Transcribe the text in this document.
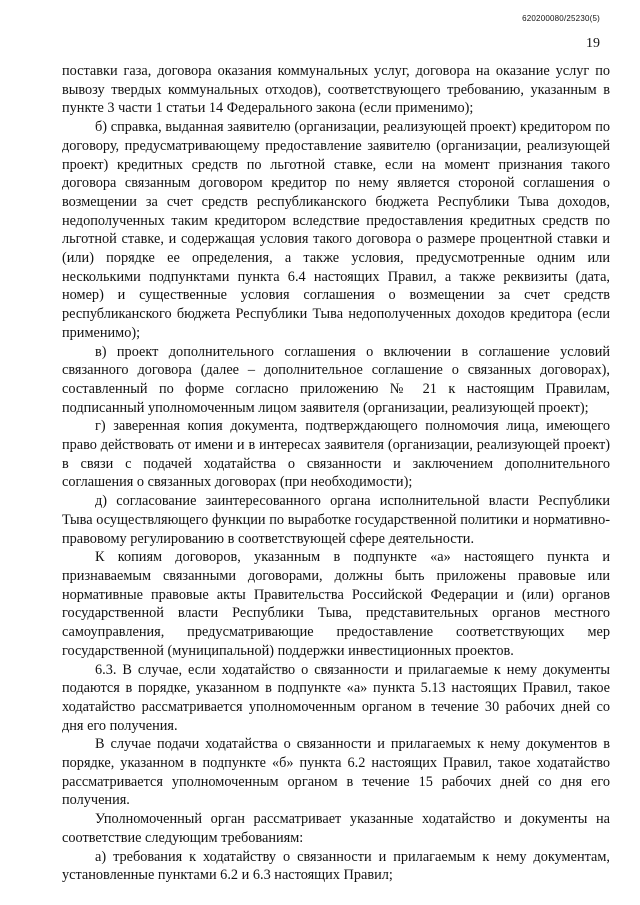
620200080/25230(5)
19

поставки газа, договора оказания коммунальных услуг, договора на оказание услуг по вывозу твердых коммунальных отходов), соответствующего требованию, указанным в пункте 3 части 1 статьи 14 Федерального закона (если применимо);

б) справка, выданная заявителю (организации, реализующей проект) кредитором по договору, предусматривающему предоставление заявителю (организации, реализующей проект) кредитных средств по льготной ставке, если на момент признания такого договора связанным договором кредитор по нему является стороной соглашения о возмещении за счет средств республиканского бюджета Республики Тыва доходов, недополученных таким кредитором вследствие предоставления кредитных средств по льготной ставке, и содержащая условия такого договора о размере процентной ставки и (или) порядке ее определения, а также условия, предусмотренные одним или несколькими подпунктами пункта 6.4 настоящих Правил, а также реквизиты (дата, номер) и существенные условия соглашения о возмещении за счет средств республиканского бюджета Республики Тыва недополученных доходов кредитора (если применимо);

в) проект дополнительного соглашения о включении в соглашение условий связанного договора (далее – дополнительное соглашение о связанных договорах), составленный по форме согласно приложению № 21 к настоящим Правилам, подписанный уполномоченным лицом заявителя (организации, реализующей проект);

г) заверенная копия документа, подтверждающего полномочия лица, имеющего право действовать от имени и в интересах заявителя (организации, реализующей проект) в связи с подачей ходатайства о связанности и заключением дополнительного соглашения о связанных договорах (при необходимости);

д) согласование заинтересованного органа исполнительной власти Республики Тыва осуществляющего функции по выработке государственной политики и нормативно-правовому регулированию в соответствующей сфере деятельности.

К копиям договоров, указанным в подпункте «а» настоящего пункта и признаваемым связанными договорами, должны быть приложены правовые или нормативные правовые акты Правительства Российской Федерации и (или) органов государственной власти Республики Тыва, представительных органов местного самоуправления, предусматривающие предоставление соответствующих мер государственной (муниципальной) поддержки инвестиционных проектов.

6.3. В случае, если ходатайство о связанности и прилагаемые к нему документы подаются в порядке, указанном в подпункте «а» пункта 5.13 настоящих Правил, такое ходатайство рассматривается уполномоченным органом в течение 30 рабочих дней со дня его получения.

В случае подачи ходатайства о связанности и прилагаемых к нему документов в порядке, указанном в подпункте «б» пункта 6.2 настоящих Правил, такое ходатайство рассматривается уполномоченным органом в течение 15 рабочих дней со дня его получения.

Уполномоченный орган рассматривает указанные ходатайство и документы на соответствие следующим требованиям:

а) требования к ходатайству о связанности и прилагаемым к нему документам, установленные пунктами 6.2 и 6.3 настоящих Правил;
